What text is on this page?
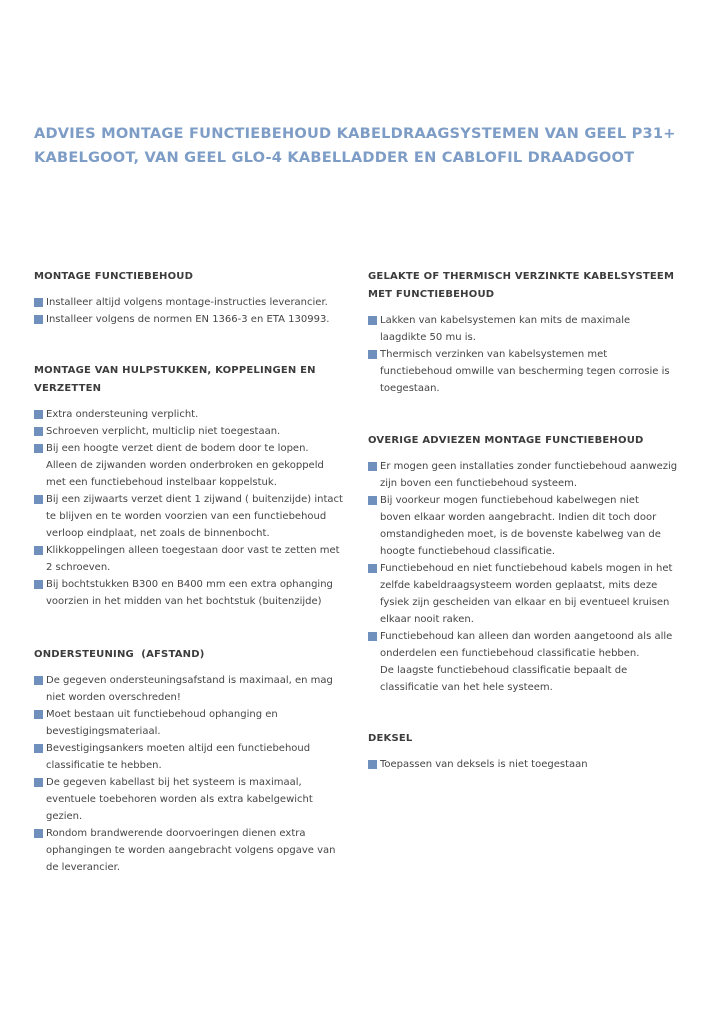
ADVIES MONTAGE FUNCTIEBEHOUD KABELDRAAGSYSTEMEN VAN GEEL P31+
KABELGOOT, VAN GEEL GLO-4 KABELLADDER EN CABLOFIL DRAADGOOT
MONTAGE FUNCTIEBEHOUD
Installeer altijd volgens montage-instructies leverancier.
Installeer volgens de normen EN 1366-3 en ETA 130993.
MONTAGE VAN HULPSTUKKEN, KOPPELINGEN EN
VERZETTEN
Extra ondersteuning verplicht.
Schroeven verplicht, multiclip niet toegestaan.
Bij een hoogte verzet dient de bodem door te lopen.
Alleen de zijwanden worden onderbroken en gekoppeld
met een functiebehoud instelbaar koppelstuk.
Bij een zijwaarts verzet dient 1 zijwand ( buitenzijde) intact
te blijven en te worden voorzien van een functiebehoud
verloop eindplaat, net zoals de binnenbocht.
Klikkoppelingen alleen toegestaan door vast te zetten met
2 schroeven.
Bij bochtstukken B300 en B400 mm een extra ophanging
voorzien in het midden van het bochtstuk (buitenzijde)
ONDERSTEUNING  (AFSTAND)
De gegeven ondersteuningsafstand is maximaal, en mag
niet worden overschreden!
Moet bestaan uit functiebehoud ophanging en
bevestigingsmateriaal.
Bevestigingsankers moeten altijd een functiebehoud
classificatie te hebben.
De gegeven kabellast bij het systeem is maximaal,
eventuele toebehoren worden als extra kabelgewicht
gezien.
Rondom brandwerende doorvoeringen dienen extra
ophangingen te worden aangebracht volgens opgave van
de leverancier.
GELAKTE OF THERMISCH VERZINKTE KABELSYSTEEM
MET FUNCTIEBEHOUD
Lakken van kabelsystemen kan mits de maximale
laagdikte 50 mu is.
Thermisch verzinken van kabelsystemen met
functiebehoud omwille van bescherming tegen corrosie is
toegestaan.
OVERIGE ADVIEZEN MONTAGE FUNCTIEBEHOUD
Er mogen geen installaties zonder functiebehoud aanwezig
zijn boven een functiebehoud systeem.
Bij voorkeur mogen functiebehoud kabelwegen niet
boven elkaar worden aangebracht. Indien dit toch door
omstandigheden moet, is de bovenste kabelweg van de
hoogte functiebehoud classificatie.
Functiebehoud en niet functiebehoud kabels mogen in het
zelfde kabeldraagsysteem worden geplaatst, mits deze
fysiek zijn gescheiden van elkaar en bij eventueel kruisen
elkaar nooit raken.
Functiebehoud kan alleen dan worden aangetoond als alle
onderdelen een functiebehoud classificatie hebben.
De laagste functiebehoud classificatie bepaalt de
classificatie van het hele systeem.
DEKSEL
Toepassen van deksels is niet toegestaan
